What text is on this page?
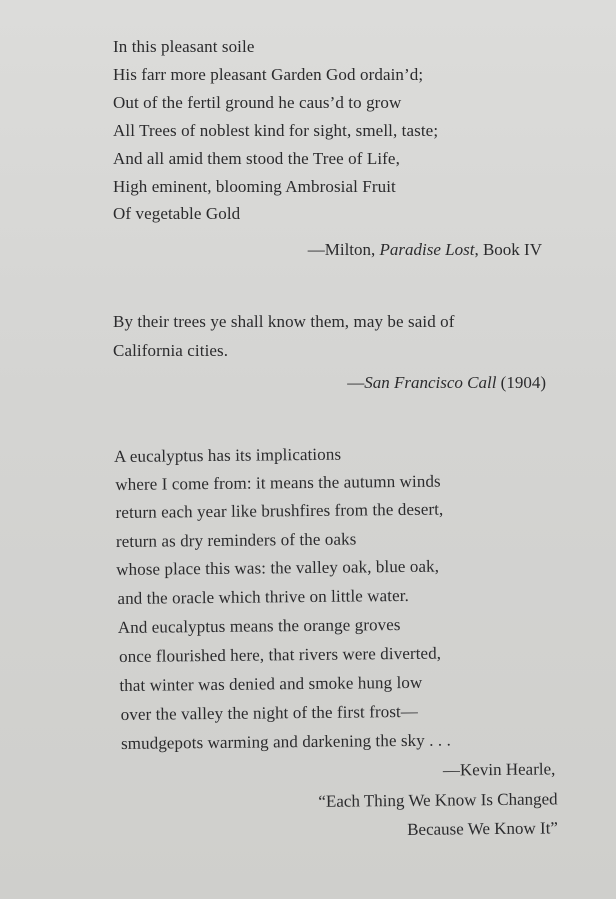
In this pleasant soile
His farr more pleasant Garden God ordain’d;
Out of the fertil ground he caus’d to grow
All Trees of noblest kind for sight, smell, taste;
And all amid them stood the Tree of Life,
High eminent, blooming Ambrosial Fruit
Of vegetable Gold
—Milton, Paradise Lost, Book IV
By their trees ye shall know them, may be said of
California cities.
—San Francisco Call (1904)
A eucalyptus has its implications
where I come from: it means the autumn winds
return each year like brushfires from the desert,
return as dry reminders of the oaks
whose place this was: the valley oak, blue oak,
and the oracle which thrive on little water.
And eucalyptus means the orange groves
once flourished here, that rivers were diverted,
that winter was denied and smoke hung low
over the valley the night of the first frost—
smudgepots warming and darkening the sky . . .
—Kevin Hearle,
“Each Thing We Know Is Changed
Because We Know It”
